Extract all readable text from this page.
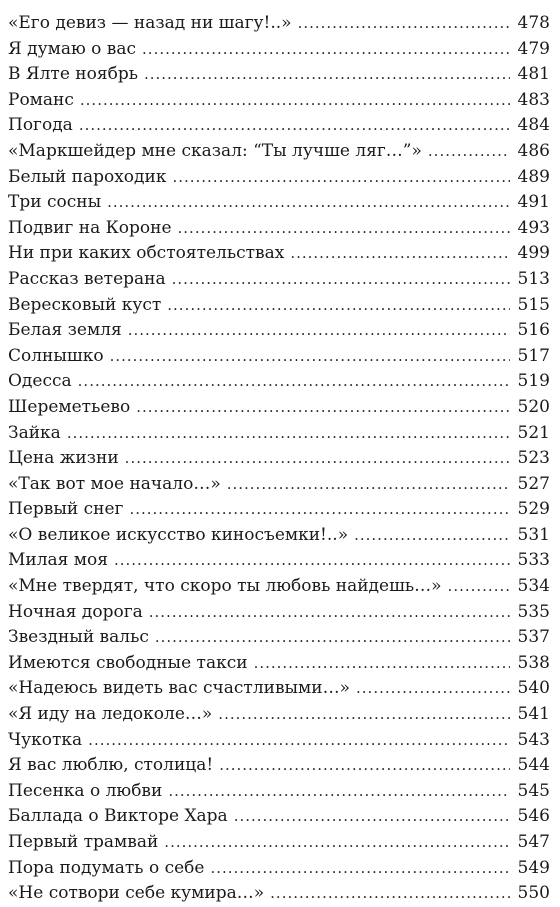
«Его девиз — назад ни шагу!..» .....	478
Я думаю о вас .....	479
В Ялте ноябрь .....	481
Романс .....	483
Погода .....	484
«Маркшейдер мне сказал: “Ты лучше ляг…”» .....	486
Белый пароходик .....	489
Три сосны .....	491
Подвиг на Короне .....	493
Ни при каких обстоятельствах .....	499
Рассказ ветерана .....	513
Вересковый куст .....	515
Белая земля .....	516
Солнышко .....	517
Одесса .....	519
Шереметьево .....	520
Зайка .....	521
Цена жизни .....	523
«Так вот мое начало…» .....	527
Первый снег .....	529
«О великое искусство киносъемки!..» .....	531
Милая моя .....	533
«Мне твердят, что скоро ты любовь найдешь…» .....	534
Ночная дорога .....	535
Звездный вальс .....	537
Имеются свободные такси .....	538
«Надеюсь видеть вас счастливыми…» .....	540
«Я иду на ледоколе…» .....	541
Чукотка .....	543
Я вас люблю, столица! .....	544
Песенка о любви .....	545
Баллада о Викторе Хара .....	546
Первый трамвай .....	547
Пора подумать о себе .....	549
«Не сотвори себе кумира…» .....	550
